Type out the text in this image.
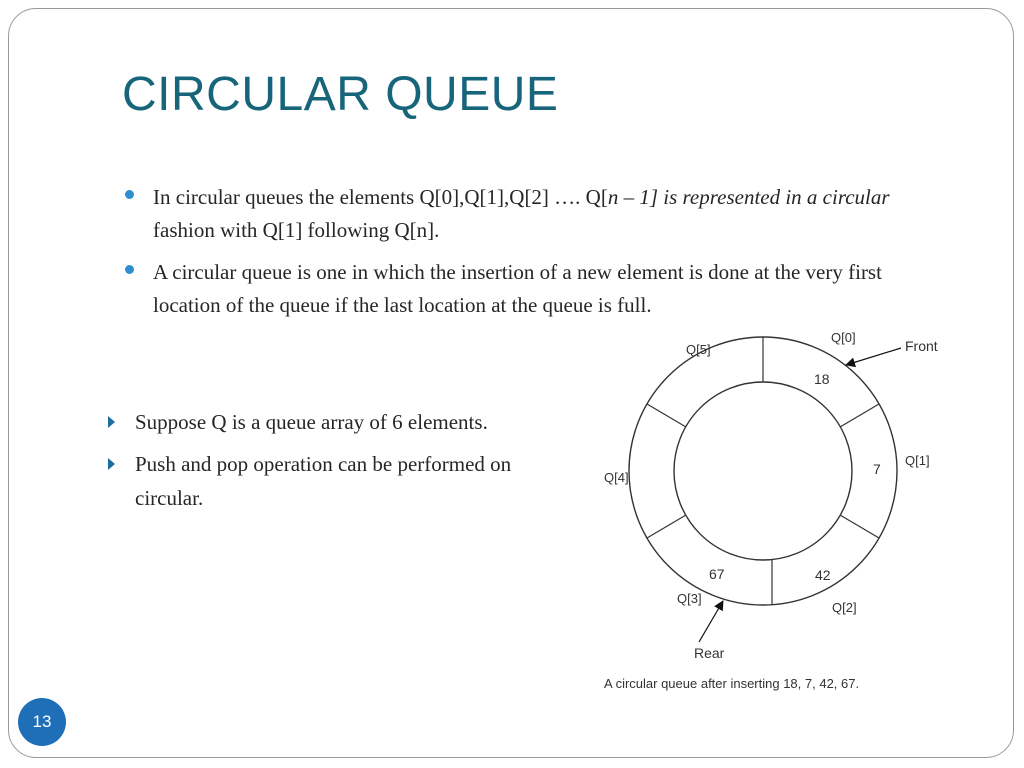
CIRCULAR QUEUE
In circular queues the elements Q[0],Q[1],Q[2] …. Q[n – 1] is represented in a circular fashion with Q[1] following Q[n].
A circular queue is one in which the insertion of a new element is done at the very first location of the queue if the last location at the queue is full.
Suppose Q is a queue array of 6 elements.
Push and pop operation can be performed on circular.
Q[0]
Q[1]
Q[2]
Q[3]
Q[4]
Q[5]
18
7
42
67
Front
Rear
A circular queue after inserting 18, 7, 42, 67.
13
